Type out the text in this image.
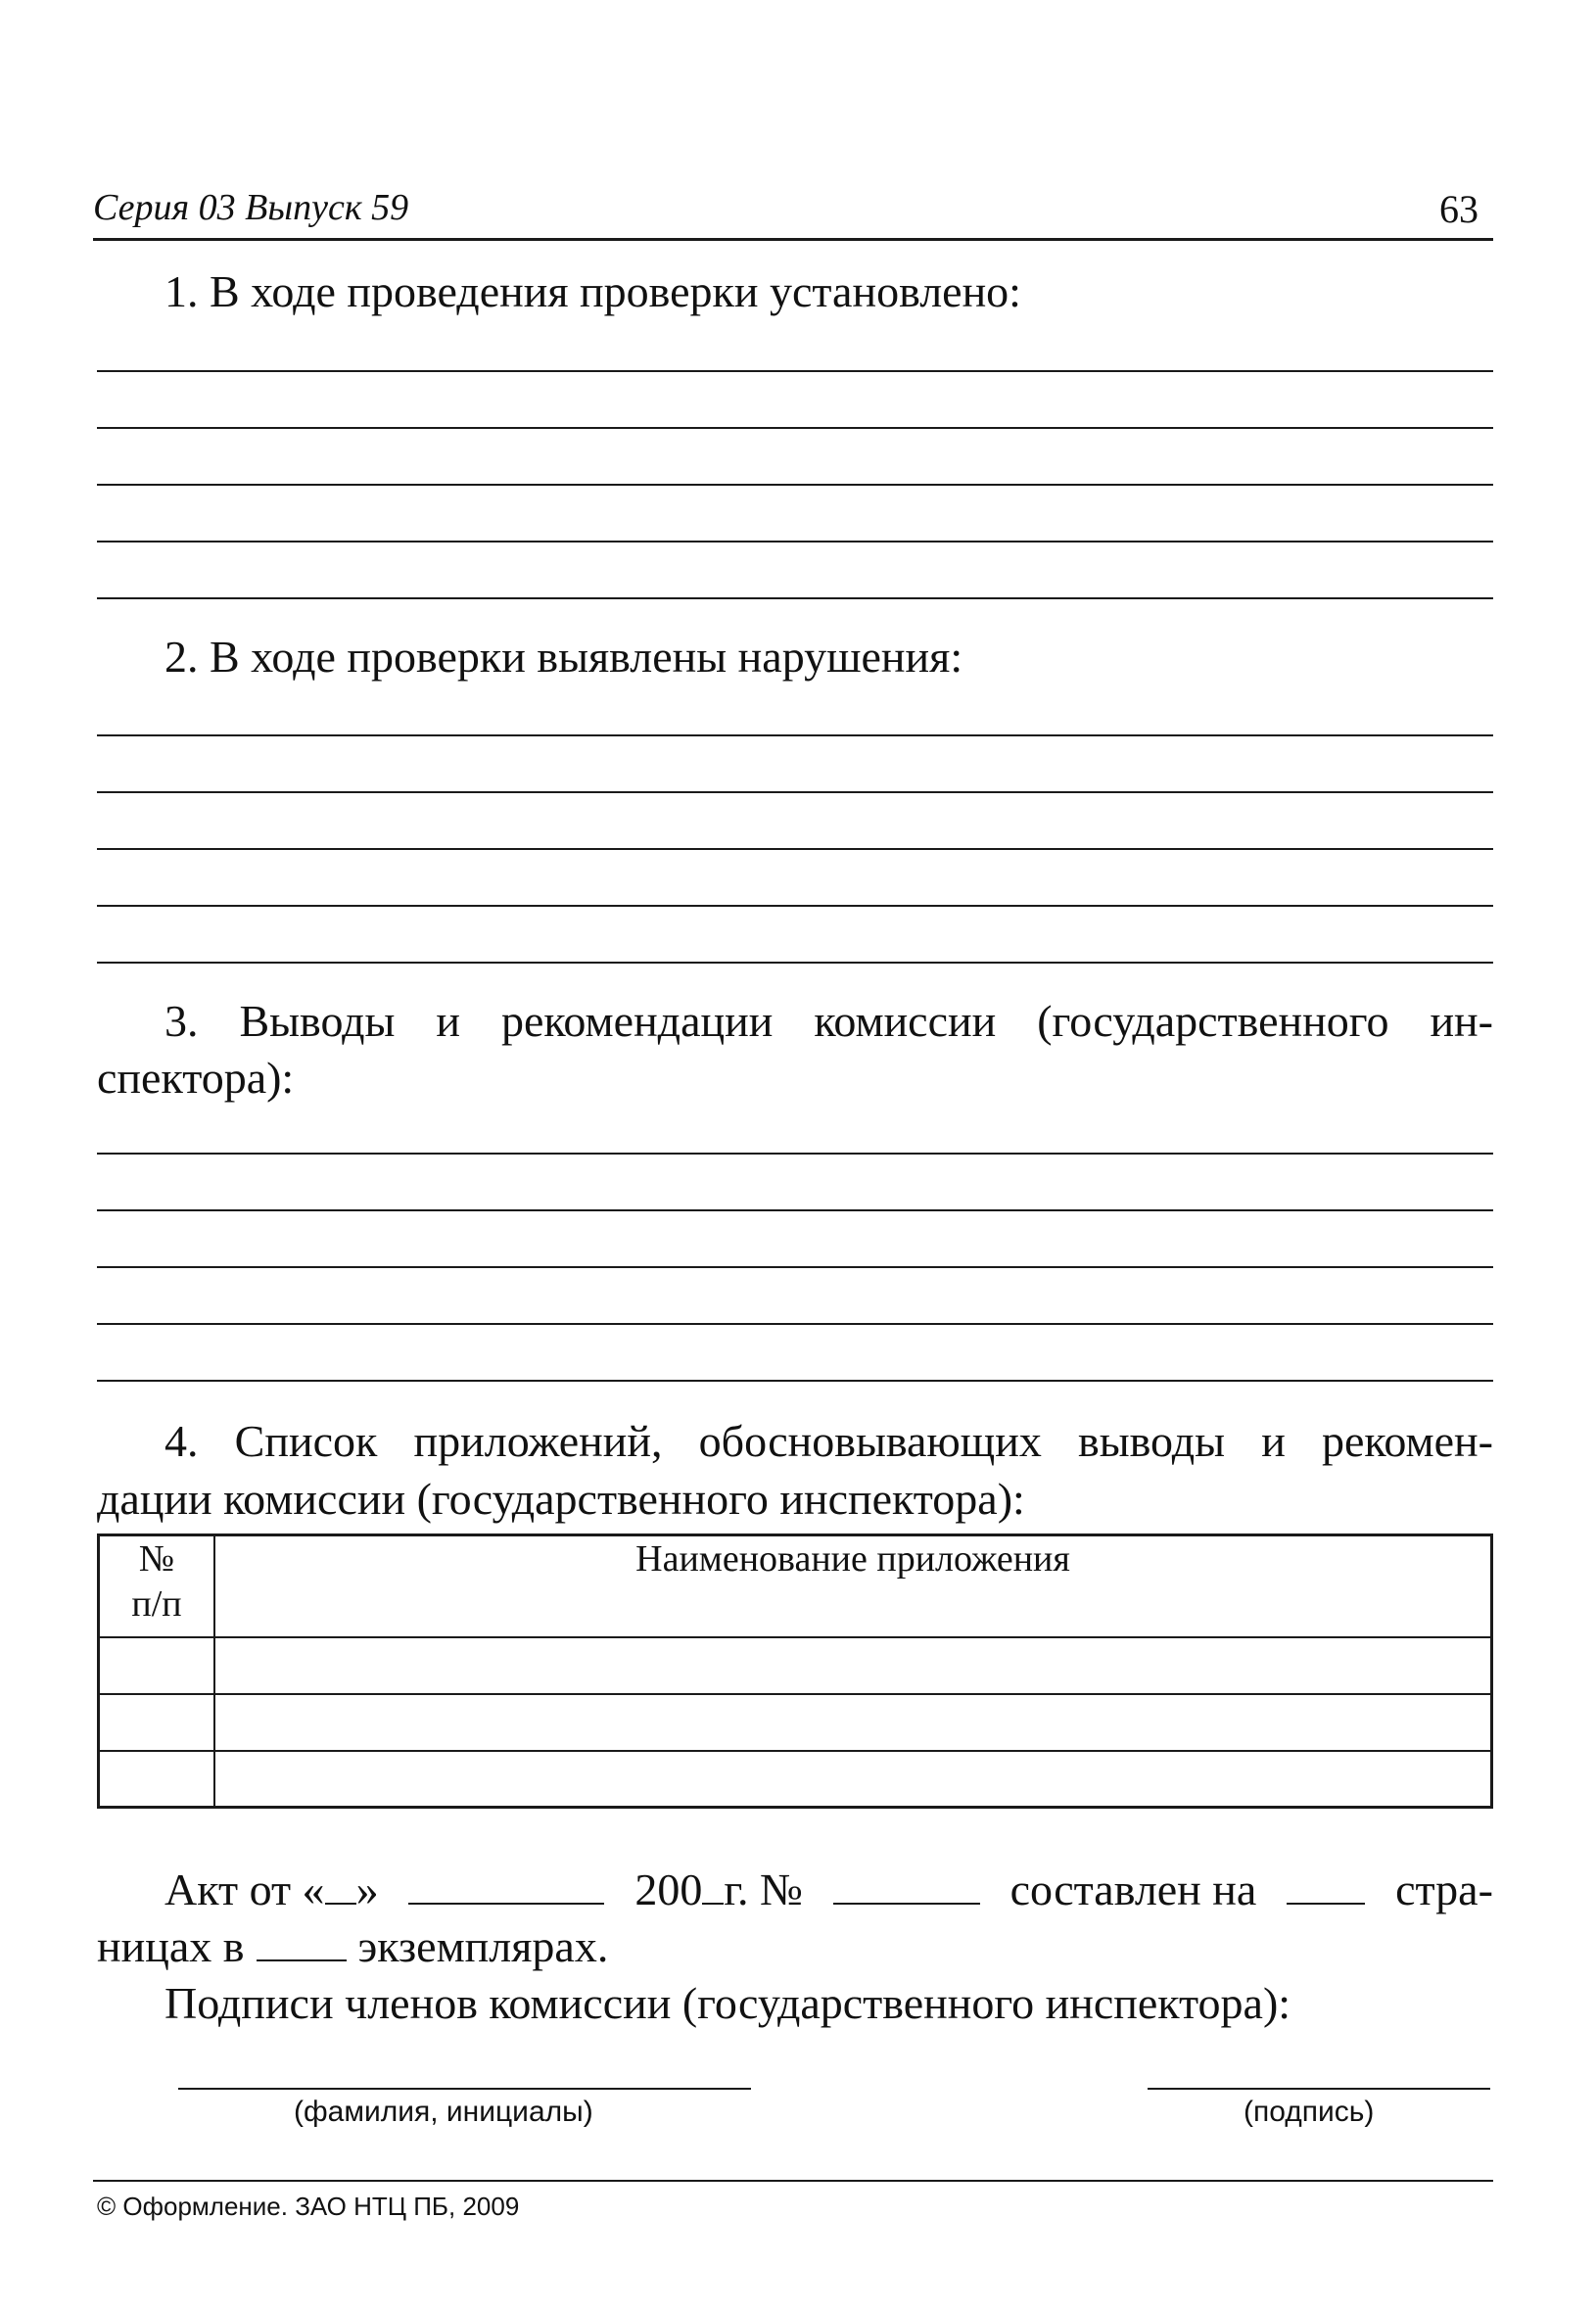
Серия 03 Выпуск 59	63
1. В ходе проведения проверки установлено:
2. В ходе проверки выявлены нарушения:
3. Выводы и рекомендации комиссии (государственного ин-
спектора):
4. Список приложений, обосновывающих выводы и рекомен-
дации комиссии (государственного инспектора):
№
п/п	Наименование приложения

Акт от « »	200 г. №	составлен на	стра-
ницах в	экземплярах.
Подписи членов комиссии (государственного инспектора):
(фамилия, инициалы)	(подпись)
© Оформление. ЗАО НТЦ ПБ, 2009
